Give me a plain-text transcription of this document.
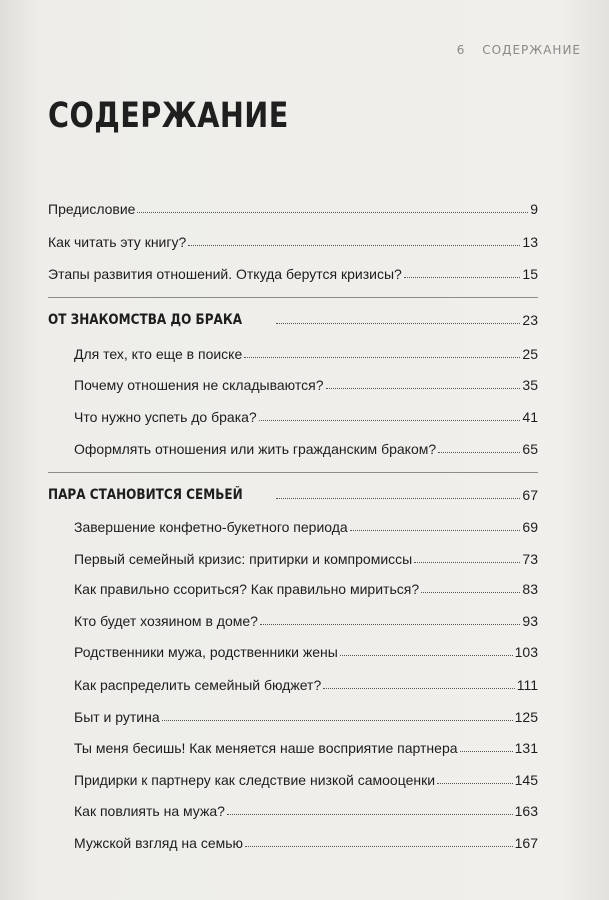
6 СОДЕРЖАНИЕ
СОДЕРЖАНИЕ
Предисловие	9
Как читать эту книгу?	13
Этапы развития отношений. Откуда берутся кризисы?	15
ОТ ЗНАКОМСТВА ДО БРАКА	23
Для тех, кто еще в поиске	25
Почему отношения не складываются?	35
Что нужно успеть до брака?	41
Оформлять отношения или жить гражданским браком?	65
ПАРА СТАНОВИТСЯ СЕМЬЕЙ	67
Завершение конфетно-букетного периода	69
Первый семейный кризис: притирки и компромиссы	73
Как правильно ссориться? Как правильно мириться?	83
Кто будет хозяином в доме?	93
Родственники мужа, родственники жены	103
Как распределить семейный бюджет?	111
Быт и рутина	125
Ты меня бесишь! Как меняется наше восприятие партнера	131
Придирки к партнеру как следствие низкой самооценки	145
Как повлиять на мужа?	163
Мужской взгляд на семью	167
